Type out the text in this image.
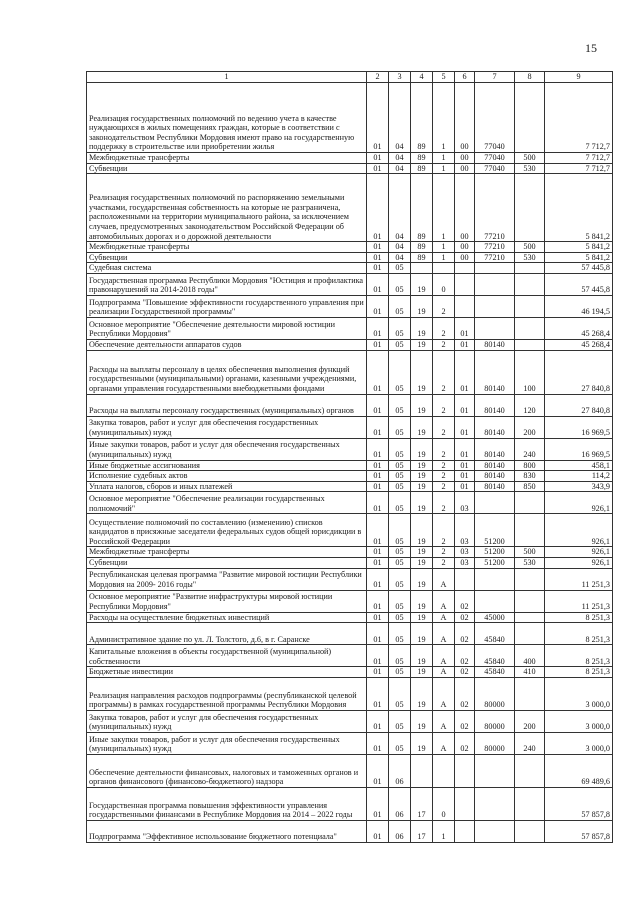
15
1	2	3	4	5	6	7	8	9
Реализация государственных полномочий по ведению учета в качестве нуждающихся в жилых помещениях граждан, которые в соответствии с законодательством Республики Мордовия имеют право на государственную поддержку в строительстве или приобретении жилья	01	04	89	1	00	77040		7 712,7
Межбюджетные трансферты	01	04	89	1	00	77040	500	7 712,7
Субвенции	01	04	89	1	00	77040	530	7 712,7
Реализация государственных полномочий по распоряжению земельными участками, государственная собственность на которые не разграничена, расположенными на территории муниципального района, за исключением случаев, предусмотренных законодательством Российской Федерации об автомобильных дорогах и о дорожной деятельности	01	04	89	1	00	77210		5 841,2
Межбюджетные трансферты	01	04	89	1	00	77210	500	5 841,2
Субвенции	01	04	89	1	00	77210	530	5 841,2
Судебная система	01	05						57 445,8
Государственная программа Республики Мордовия "Юстиция и профилактика правонарушений на 2014-2018 годы"	01	05	19	0				57 445,8
Подпрограмма "Повышение эффективности государственного управления при реализации Государственной программы"	01	05	19	2				46 194,5
Основное мероприятие "Обеспечение деятельности мировой юстиции Республики Мордовия"	01	05	19	2	01			45 268,4
Обеспечение деятельности аппаратов судов	01	05	19	2	01	80140		45 268,4
Расходы на выплаты персоналу в целях обеспечения выполнения функций государственными (муниципальными) органами, казенными учреждениями, органами управления государственными внебюджетными фондами	01	05	19	2	01	80140	100	27 840,8
Расходы на выплаты персоналу государственных (муниципальных) органов	01	05	19	2	01	80140	120	27 840,8
Закупка товаров, работ и услуг для обеспечения государственных (муниципальных) нужд	01	05	19	2	01	80140	200	16 969,5
Иные закупки товаров, работ и услуг для обеспечения государственных (муниципальных) нужд	01	05	19	2	01	80140	240	16 969,5
Иные бюджетные ассигнования	01	05	19	2	01	80140	800	458,1
Исполнение судебных актов	01	05	19	2	01	80140	830	114,2
Уплата налогов, сборов и иных платежей	01	05	19	2	01	80140	850	343,9
Основное мероприятие "Обеспечение реализации государственных полномочий"	01	05	19	2	03			926,1
Осуществление полномочий по составлению (изменению) списков кандидатов в присяжные заседатели федеральных судов общей юрисдикции в Российской Федерации	01	05	19	2	03	51200		926,1
Межбюджетные трансферты	01	05	19	2	03	51200	500	926,1
Субвенции	01	05	19	2	03	51200	530	926,1
Республиканская целевая программа "Развитие мировой юстиции Республики Мордовия на 2009- 2016 годы"	01	05	19	А				11 251,3
Основное мероприятие "Развитие инфраструктуры мировой юстиции Республики Мордовия"	01	05	19	А	02			11 251,3
Расходы на осуществление бюджетных инвестиций	01	05	19	А	02	45000		8 251,3
Административное здание по ул. Л. Толстого, д.6, в г. Саранске	01	05	19	А	02	45840		8 251,3
Капитальные вложения в объекты государственной (муниципальной) собственности	01	05	19	А	02	45840	400	8 251,3
Бюджетные инвестиции	01	05	19	А	02	45840	410	8 251,3
Реализация направления расходов подпрограммы (республиканской целевой программы) в рамках государственной программы Республики Мордовия	01	05	19	А	02	80000		3 000,0
Закупка товаров, работ и услуг для обеспечения государственных (муниципальных) нужд	01	05	19	А	02	80000	200	3 000,0
Иные закупки товаров, работ и услуг для обеспечения государственных (муниципальных) нужд	01	05	19	А	02	80000	240	3 000,0
Обеспечение деятельности финансовых, налоговых и таможенных органов и органов финансового (финансово-бюджетного) надзора	01	06						69 489,6
Государственная программа повышения эффективности управления государственными финансами в Республике Мордовия на 2014 – 2022 годы	01	06	17	0				57 857,8
Подпрограмма "Эффективное использование бюджетного потенциала"	01	06	17	1				57 857,8
